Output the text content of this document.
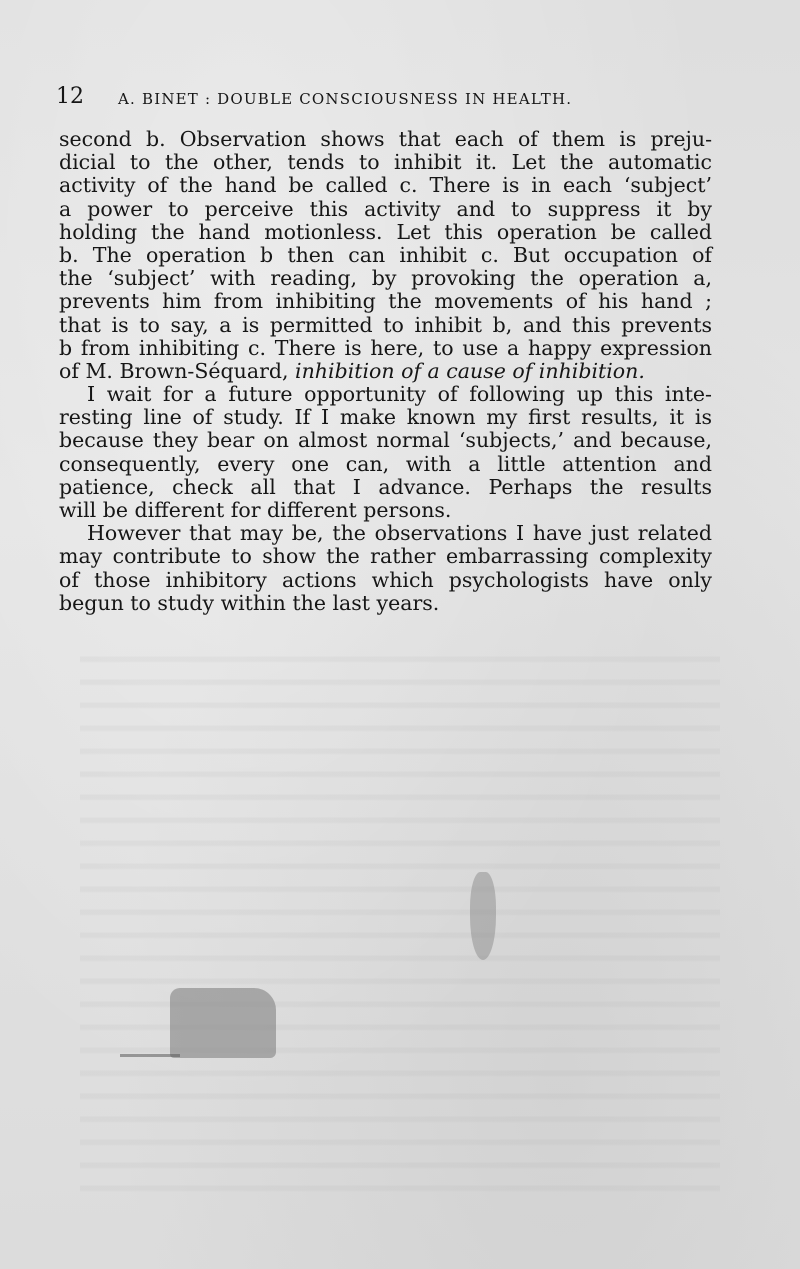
12 A. BINET : DOUBLE CONSCIOUSNESS IN HEALTH.
second b. Observation shows that each of them is preju-
dicial to the other, tends to inhibit it. Let the automatic
activity of the hand be called c. There is in each ‘subject’
a power to perceive this activity and to suppress it by
holding the hand motionless. Let this operation be called
b. The operation b then can inhibit c. But occupation of
the ‘subject’ with reading, by provoking the operation a,
prevents him from inhibiting the movements of his hand ;
that is to say, a is permitted to inhibit b, and this prevents
b from inhibiting c. There is here, to use a happy expression
of M. Brown-Séquard, inhibition of a cause of inhibition.
I wait for a future opportunity of following up this inte-
resting line of study. If I make known my first results, it is
because they bear on almost normal ‘subjects,’ and because,
consequently, every one can, with a little attention and
patience, check all that I advance. Perhaps the results
will be different for different persons.
However that may be, the observations I have just related
may contribute to show the rather embarrassing complexity
of those inhibitory actions which psychologists have only
begun to study within the last years.
